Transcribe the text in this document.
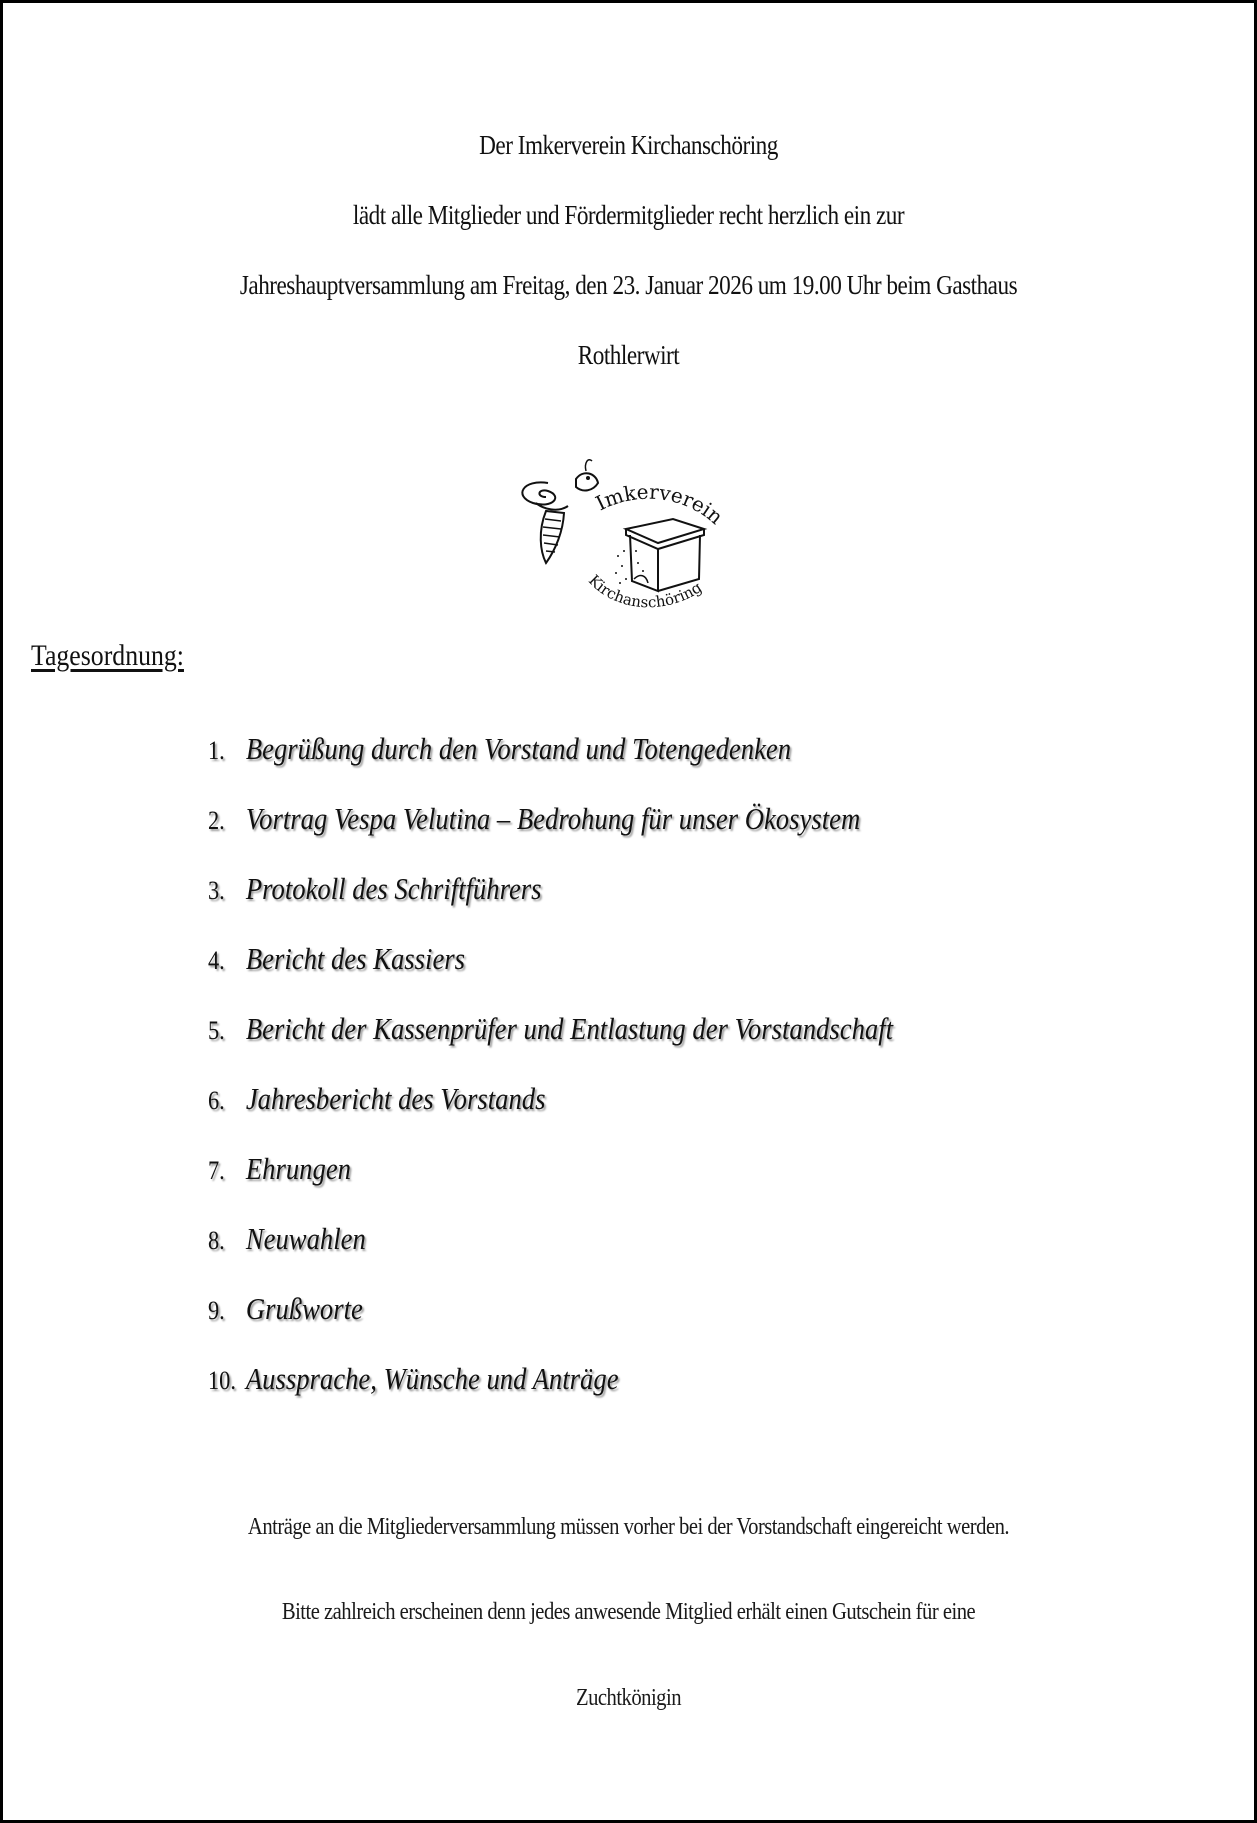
Der Imkerverein Kirchanschöring
lädt alle Mitglieder und Fördermitglieder recht herzlich ein zur
Jahreshauptversammlung am Freitag, den 23. Januar 2026 um 19.00 Uhr beim Gasthaus
Rothlerwirt
Imkerverein
Kirchanschöring
Tagesordnung:
1. Begrüßung durch den Vorstand und Totengedenken
2. Vortrag Vespa Velutina – Bedrohung für unser Ökosystem
3. Protokoll des Schriftführers
4. Bericht des Kassiers
5. Bericht der Kassenprüfer und Entlastung der Vorstandschaft
6. Jahresbericht des Vorstands
7. Ehrungen
8. Neuwahlen
9. Grußworte
10. Aussprache, Wünsche und Anträge
Anträge an die Mitgliederversammlung müssen vorher bei der Vorstandschaft eingereicht werden.
Bitte zahlreich erscheinen denn jedes anwesende Mitglied erhält einen Gutschein für eine
Zuchtkönigin
